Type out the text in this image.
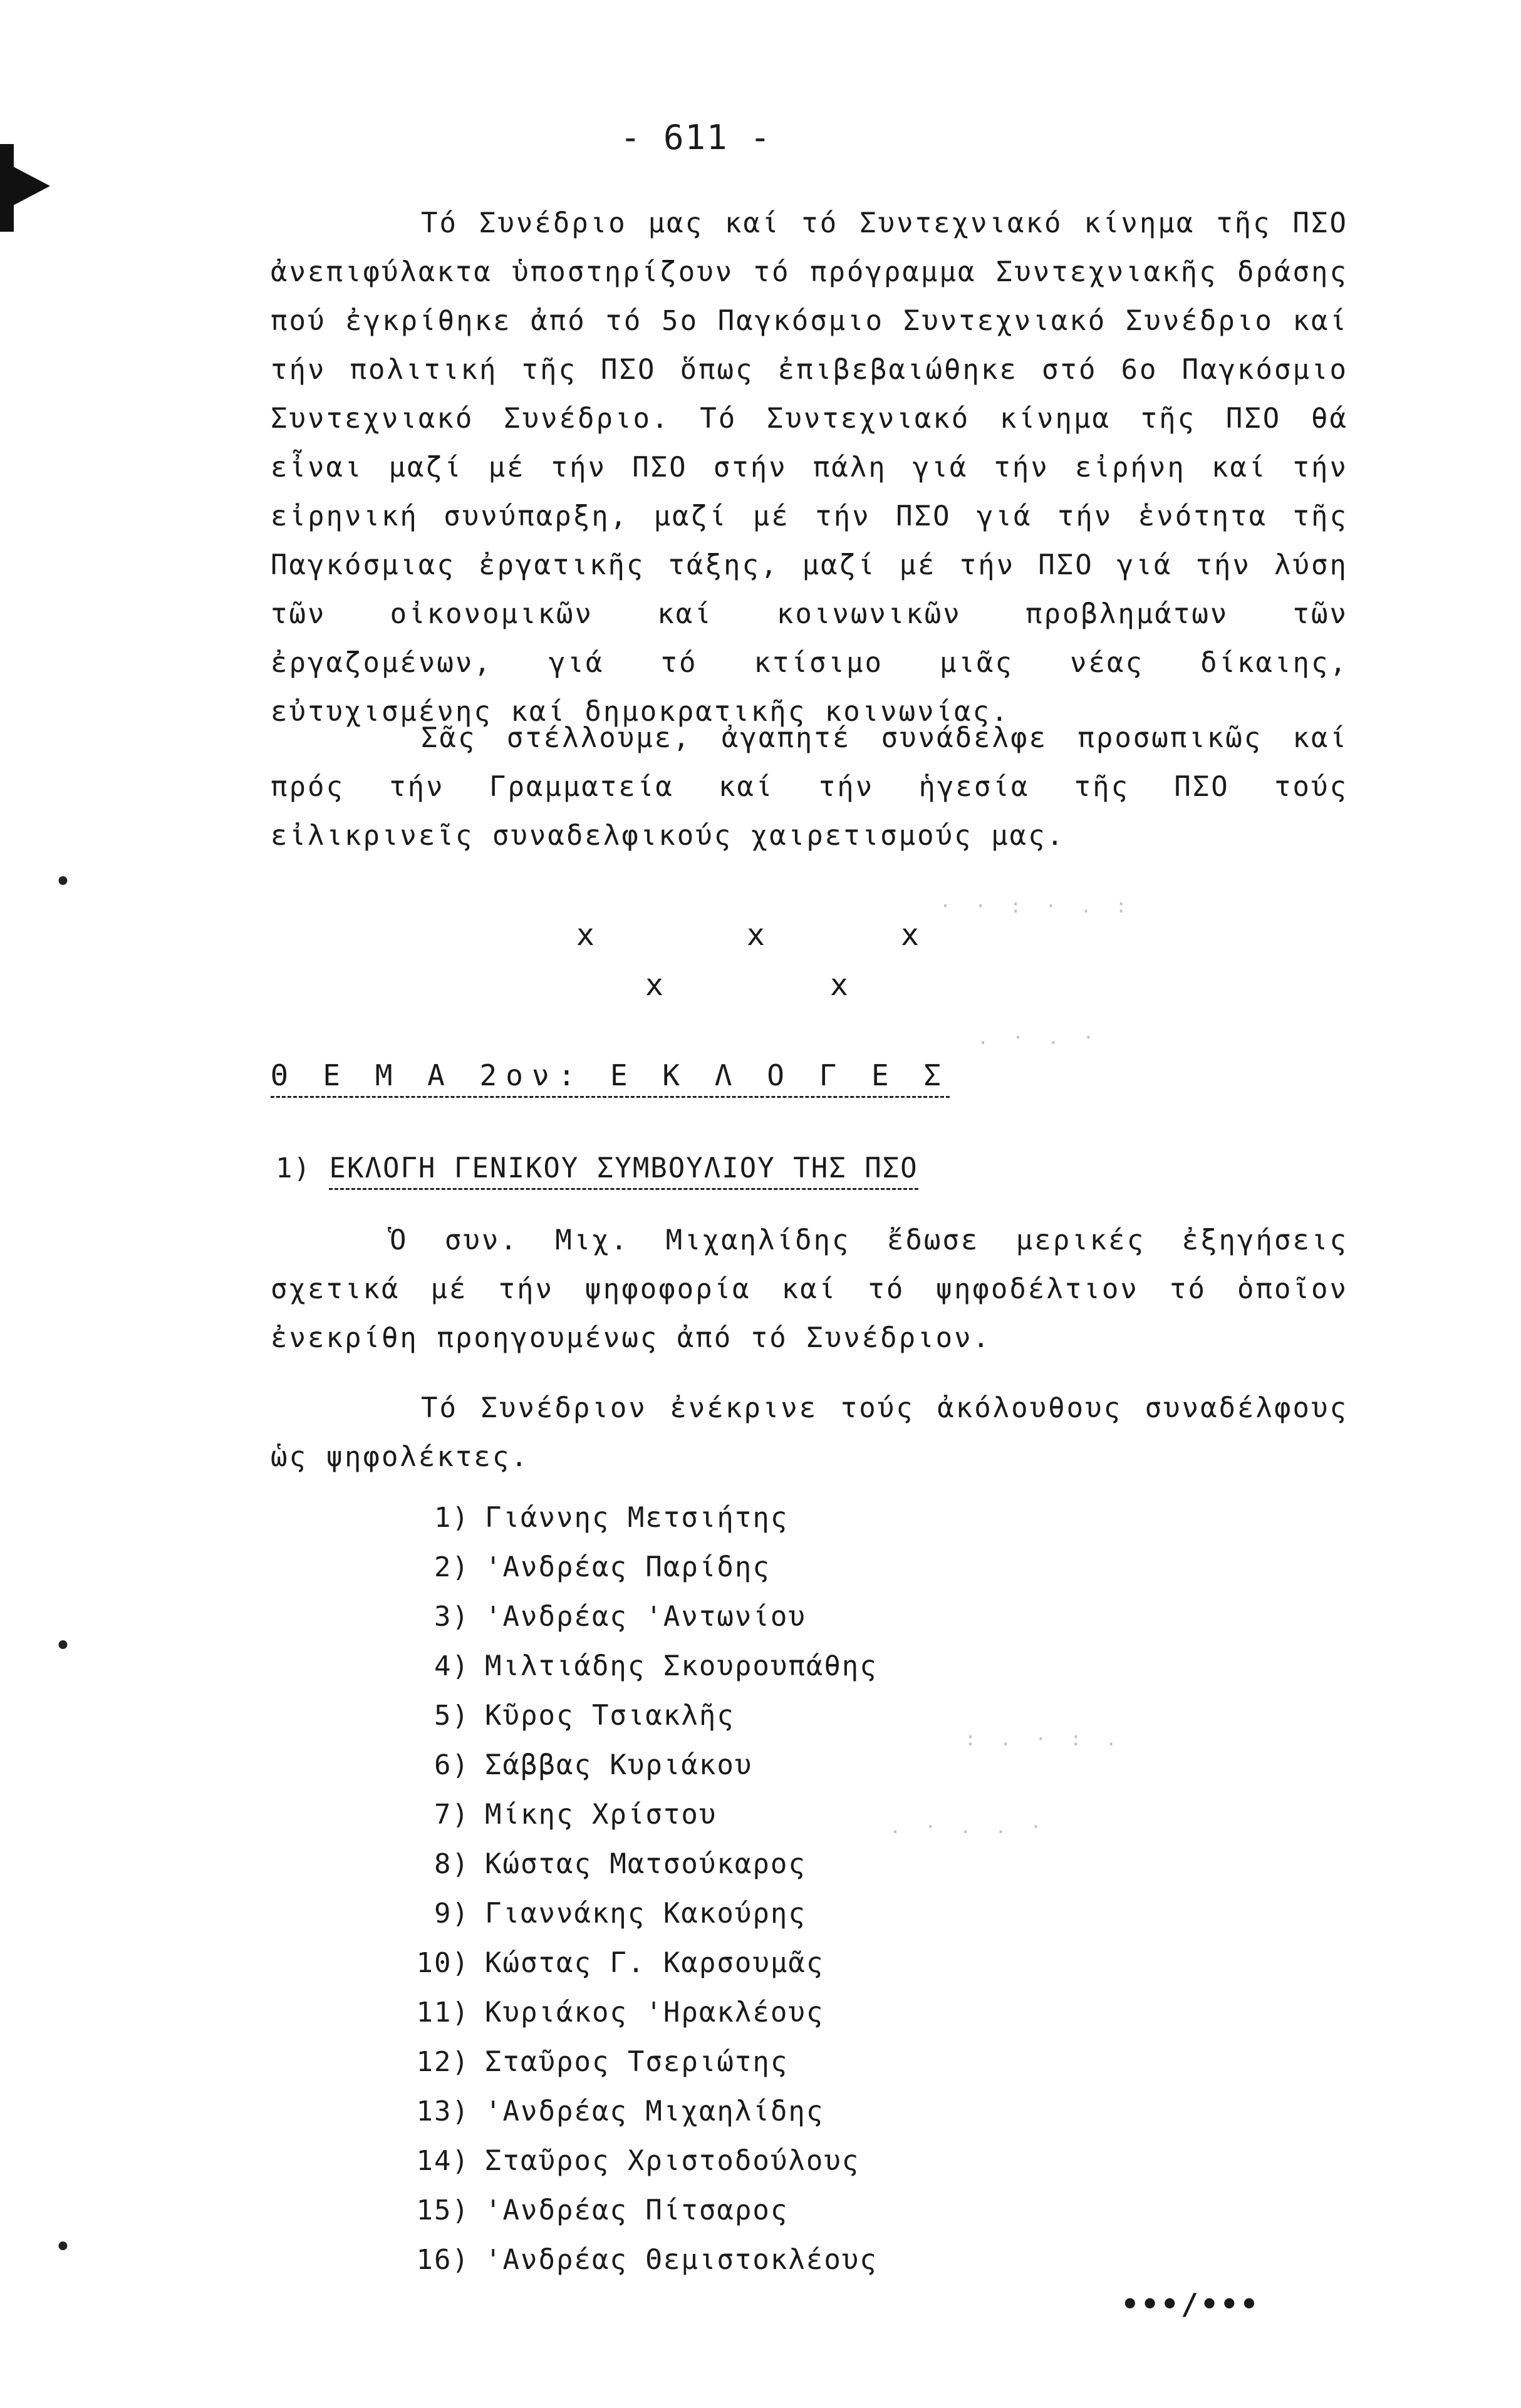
•
•
•
· · : · . :
. · . ·
: . · : .
. · . . ·
- 611 -

Τό Συνέδριο μας καί τό Συντεχνιακό κίνημα τῆς ΠΣΟ ἀνεπιφύλακτα ὑποστηρίζουν τό πρόγραμμα Συντεχνιακῆς δράσης πού ἐγκρίθηκε ἀπό τό 5ο Παγκόσμιο Συντεχνιακό Συνέδριο καί τήν πολιτική τῆς ΠΣΟ ὅπως ἐπιβεβαιώθηκε στό 6ο Παγκόσμιο Συντεχνιακό Συνέδριο. Τό Συντεχνιακό κίνημα τῆς ΠΣΟ θά εἶναι μαζί μέ τήν ΠΣΟ στήν πάλη γιά τήν εἰρήνη καί τήν εἰρηνική συνύπαρξη, μαζί μέ τήν ΠΣΟ γιά τήν ἑνότητα τῆς Παγκόσμιας ἐργατικῆς τάξης, μαζί μέ τήν ΠΣΟ γιά τήν λύση τῶν οἰκονομικῶν καί κοινωνικῶν προβλημάτων τῶν ἐργαζομένων, γιά τό κτίσιμο μιᾶς νέας δίκαιης, εὐτυχισμένης καί δημοκρατικῆς κοινωνίας.

Σᾶς στέλλουμε, ἀγαπητέ συνάδελφε προσωπικῶς καί πρός τήν Γραμματεία καί τήν ἡγεσία τῆς ΠΣΟ τούς εἰλικρινεῖς συναδελφικούς χαιρετισμούς μας.

x	x	x
x	x
Θ Ε Μ Α 2ον: Ε Κ Λ Ο Γ Ε Σ
1) ΕΚΛΟΓΗ ΓΕΝΙΚΟΥ ΣΥΜΒΟΥΛΙΟΥ ΤΗΣ ΠΣΟ

Ὁ συν. Μιχ. Μιχαηλίδης ἔδωσε μερικές ἐξηγήσεις σχετικά μέ τήν ψηφοφορία καί τό ψηφοδέλτιον τό ὁποῖον ἐνεκρίθη προηγουμένως ἀπό τό Συνέδριον.

Τό Συνέδριον ἐνέκρινε τούς ἀκόλουθους συναδέλφους ὡς ψηφολέκτες.

1) Γιάννης Μετσιήτης
2) 'Ανδρέας Παρίδης
3) 'Ανδρέας 'Αντωνίου
4) Μιλτιάδης Σκουρουπάθης
5) Κῦρος Τσιακλῆς
6) Σάββας Κυριάκου
7) Μίκης Χρίστου
8) Κώστας Ματσούκαρος
9) Γιαννάκης Κακούρης
10) Κώστας Γ. Καρσουμᾶς
11) Κυριάκος 'Ηρακλέους
12) Σταῦρος Τσεριώτης
13) 'Ανδρέας Μιχαηλίδης
14) Σταῦρος Χριστοδούλους
15) 'Ανδρέας Πίτσαρος
16) 'Ανδρέας Θεμιστοκλέους
•••/•••
